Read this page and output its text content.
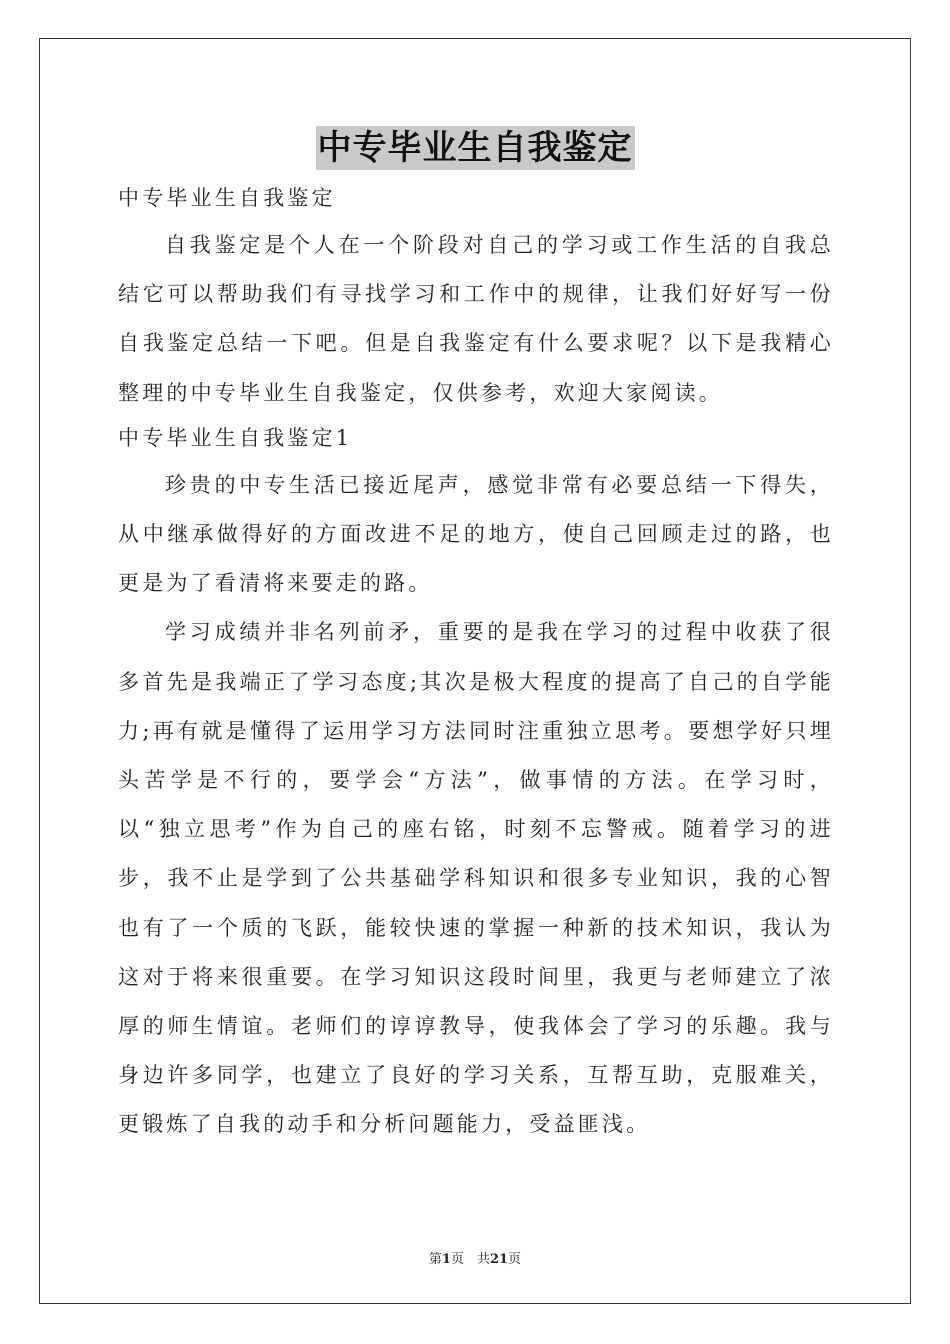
中专毕业生自我鉴定
中专毕业生自我鉴定
自我鉴定是个人在一个阶段对自己的学习或工作生活的自我总结它可以帮助我们有寻找学习和工作中的规律，让我们好好写一份自我鉴定总结一下吧。但是自我鉴定有什么要求呢？以下是我精心整理的中专毕业生自我鉴定，仅供参考，欢迎大家阅读。
中专毕业生自我鉴定1
珍贵的中专生活已接近尾声，感觉非常有必要总结一下得失，从中继承做得好的方面改进不足的地方，使自己回顾走过的路，也更是为了看清将来要走的路。
学习成绩并非名列前矛，重要的是我在学习的过程中收获了很多首先是我端正了学习态度;其次是极大程度的提高了自己的自学能力;再有就是懂得了运用学习方法同时注重独立思考。要想学好只埋头苦学是不行的，要学会“方法”，做事情的方法。在学习时，以“独立思考”作为自己的座右铭，时刻不忘警戒。随着学习的进步，我不止是学到了公共基础学科知识和很多专业知识，我的心智也有了一个质的飞跃，能较快速的掌握一种新的技术知识，我认为这对于将来很重要。在学习知识这段时间里，我更与老师建立了浓厚的师生情谊。老师们的谆谆教导，使我体会了学习的乐趣。我与身边许多同学，也建立了良好的学习关系，互帮互助，克服难关，更锻炼了自我的动手和分析问题能力，受益匪浅。
第1页　共21页
